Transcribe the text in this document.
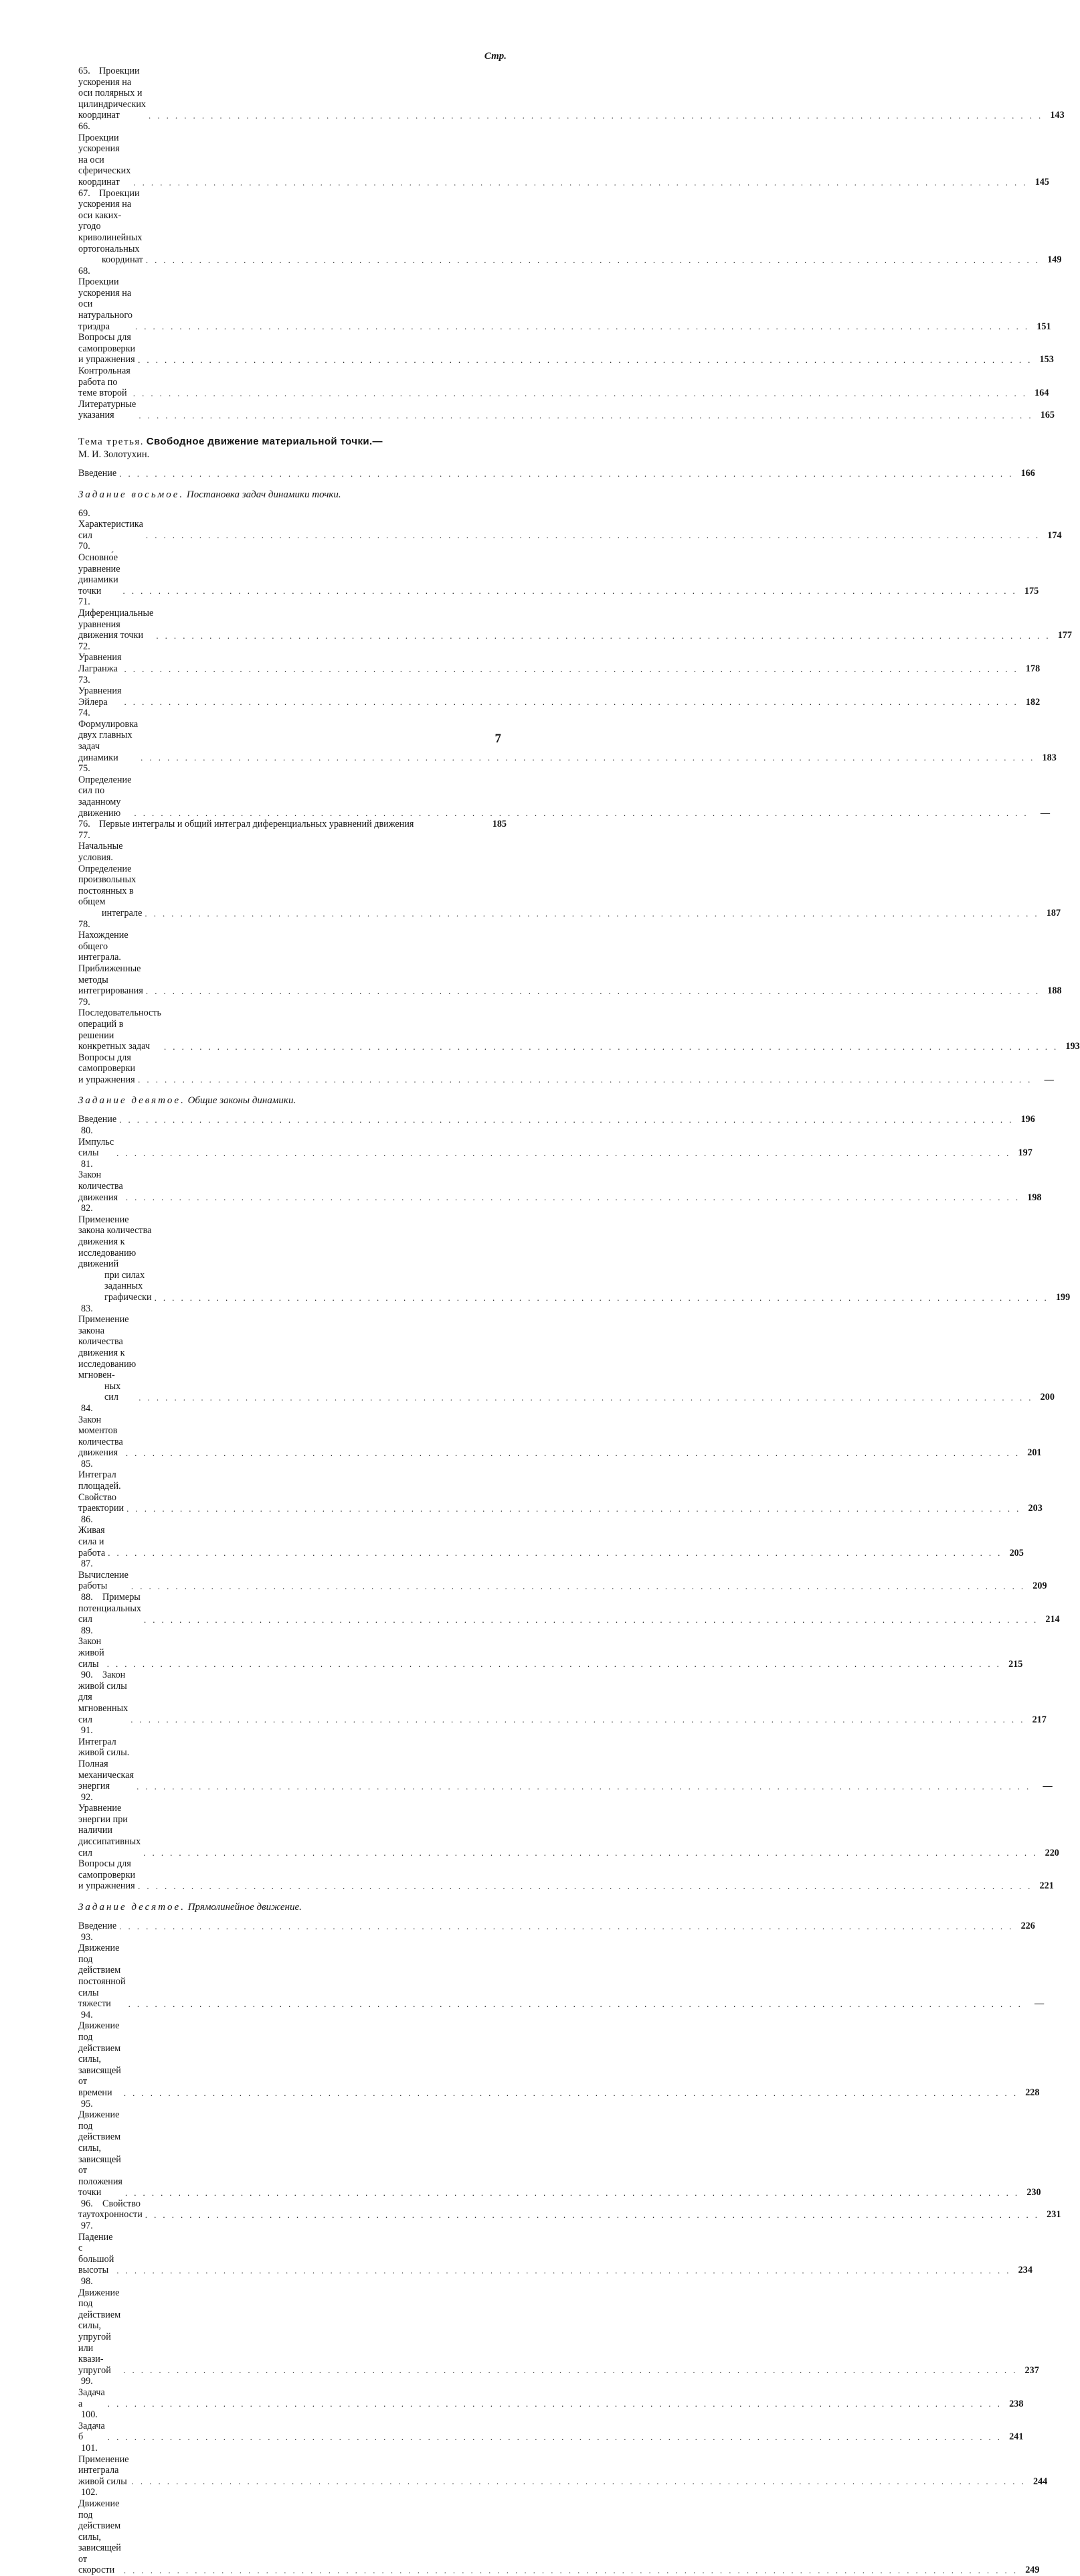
Стр.
65. Проекции ускорения на оси полярных и цилиндрических координат . . .	143
66.Проекции ускорения на оси сферических координат . . .	145
67. Проекции ускорения на оси каких-угодо криволинейных ортогональных
координат . . .	149
68.Проекции ускорения на оси натурального триэдра . . .	151
Вопросы для самопроверки и упражнения . . .	153
Контрольная работа по теме второй . . .	164
Литературные указания . . .	165
Тема третья. Свободное движение материальной точки.—
М. И. Золотухин.
Введение . . .	166
Задание восьмое. Постановка задач динамики точки.
69.Характеристика сил . . .	174
70.Основно́е уравнение динамики точки . . .	175
71.Диференциальные уравнения движения точки . . .	177
72.Уравнения Лагранжа . . .	178
73.Уравнения Эйлера . . .	182
74.Формулировка двух главных задач динамики . . .	183
75.Определение сил по заданному движению . . .	—
76. Первые интегралы и общий интеграл диференциальных уравнений движения	185
77.Начальные условия. Определение произвольных постоянных в общем
интеграле . . .	187
78.Нахождение общего интеграла. Приближенные методы интегрирования . . .	188
79.Последовательность операций в решении конкретных задач . . .	193
Вопросы для самопроверки и упражнения . . .	—
Задание девятое. Общие законы динамики.
Введение . . .	196
80.Импульс силы . . .	197
81.Закон количества движения . . .	198
82.Применение закона количества движения к исследованию движений
при силах заданных графически . . .	199
83.Применение закона количества движения к исследованию мгновен-
ных сил . . .	200
84.Закон моментов количества движения . . .	201
85.Интеграл площадей. Свойство траектории . . .	203
86.Живая сила и работа . . .	205
87.Вычисление работы . . .	209
88. Примеры потенциальных сил . . .	214
89.Закон живой силы . . .	215
90. Закон живой силы для мгновенных сил . . .	217
91.Интеграл живой силы. Полная механическая энергия . . .	—
92.Уравнение энергии при наличии диссипативных сил . . .	220
Вопросы для самопроверки и упражнения . . .	221
Задание десятое. Прямолинейное движение.
Введение . . .	226
93.Движение под действием постоянной силы тяжести . . .	—
94.Движение под действием силы, зависящей от времени . . .	228
95.Движение под действием силы, зависящей от положения точки . . .	230
96. Свойство таутохронности . . .	231
97.Падение с большой высоты . . .	234
98.Движение под действием силы, упругой или квази-упругой . . .	237
99.Задача а . . .	238
100.Задача б . . .	241
101.Применение интеграла живой силы . . .	244
102.Движение под действием силы, зависящей от скорости . . .	249
7
